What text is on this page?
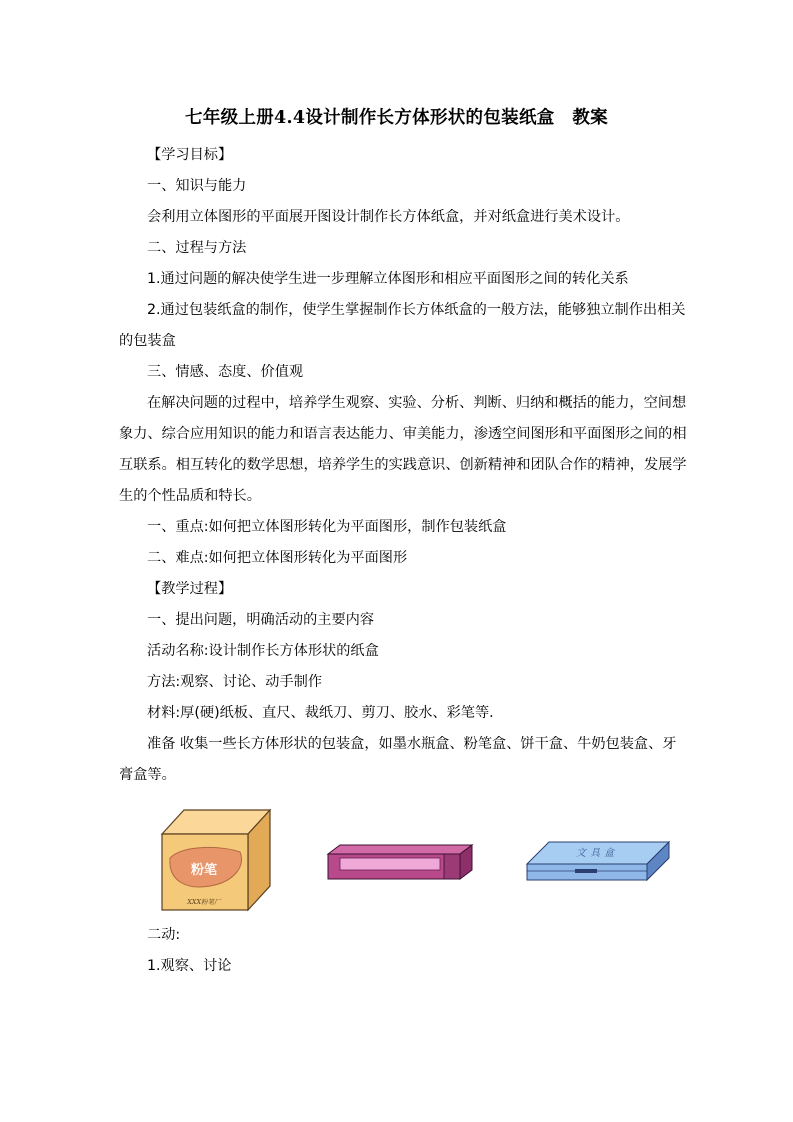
七年级上册4.4设计制作长方体形状的包装纸盒　教案
【学习目标】
一、知识与能力
会利用立体图形的平面展开图设计制作长方体纸盒，并对纸盒进行美术设计。
二、过程与方法
1.通过问题的解决使学生进一步理解立体图形和相应平面图形之间的转化关系
2.通过包装纸盒的制作，使学生掌握制作长方体纸盒的一般方法，能够独立制作出相关
的包装盒
三、情感、态度、价值观
在解决问题的过程中，培养学生观察、实验、分析、判断、归纳和概括的能力，空间想
象力、综合应用知识的能力和语言表达能力、审美能力，渗透空间图形和平面图形之间的相
互联系。相互转化的数学思想，培养学生的实践意识、创新精神和团队合作的精神，发展学
生的个性品质和特长。
一、重点:如何把立体图形转化为平面图形，制作包装纸盒
二、难点:如何把立体图形转化为平面图形
【教学过程】
一、提出问题，明确活动的主要内容
活动名称:设计制作长方体形状的纸盒
方法:观察、讨论、动手制作
材料:厚(硬)纸板、直尺、裁纸刀、剪刀、胶水、彩笔等.
准备 收集一些长方体形状的包装盒，如墨水瓶盒、粉笔盒、饼干盒、牛奶包装盒、牙
膏盒等。
粉笔
XXX粉笔厂
文具盒
二动:
1.观察、讨论
